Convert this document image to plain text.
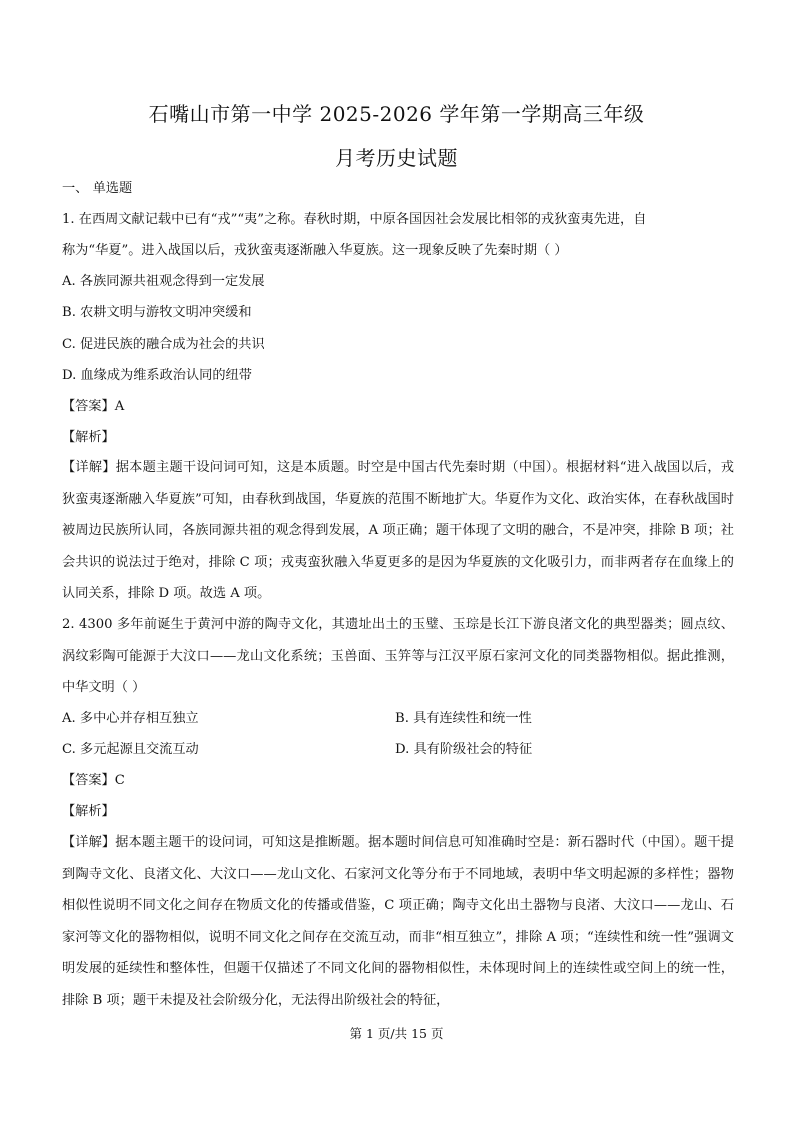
石嘴山市第一中学 2025-2026 学年第一学期高三年级
月考历史试题
一、 单选题
1. 在西周文献记载中已有“戎”“夷”之称。春秋时期，中原各国因社会发展比相邻的戎狄蛮夷先进，自
称为“华夏”。进入战国以后，戎狄蛮夷逐渐融入华夏族。这一现象反映了先秦时期（ ）
A. 各族同源共祖观念得到一定发展
B. 农耕文明与游牧文明冲突缓和
C. 促进民族的融合成为社会的共识
D. 血缘成为维系政治认同的纽带
【答案】A
【解析】
【详解】据本题主题干设问词可知，这是本质题。时空是中国古代先秦时期（中国）。根据材料“进入战国以后，戎狄蛮夷逐渐融入华夏族”可知，由春秋到战国，华夏族的范围不断地扩大。华夏作为文化、政治实体，在春秋战国时被周边民族所认同，各族同源共祖的观念得到发展，A 项正确；题干体现了文明的融合，不是冲突，排除 B 项；社会共识的说法过于绝对，排除 C 项；戎夷蛮狄融入华夏更多的是因为华夏族的文化吸引力，而非两者存在血缘上的认同关系，排除 D 项。故选 A 项。
2. 4300 多年前诞生于黄河中游的陶寺文化，其遗址出土的玉璧、玉琮是长江下游良渚文化的典型器类；圆点纹、涡纹彩陶可能源于大汶口——龙山文化系统；玉兽面、玉笄等与江汉平原石家河文化的同类器物相似。据此推测，中华文明（ ）
A. 多中心并存相互独立	B. 具有连续性和统一性
C. 多元起源且交流互动	D. 具有阶级社会的特征
【答案】C
【解析】
【详解】据本题主题干的设问词，可知这是推断题。据本题时间信息可知准确时空是：新石器时代（中国）。题干提到陶寺文化、良渚文化、大汶口——龙山文化、石家河文化等分布于不同地域，表明中华文明起源的多样性；器物相似性说明不同文化之间存在物质文化的传播或借鉴，C 项正确；陶寺文化出土器物与良渚、大汶口——龙山、石家河等文化的器物相似，说明不同文化之间存在交流互动，而非“相互独立”，排除 A 项；“连续性和统一性”强调文明发展的延续性和整体性，但题干仅描述了不同文化间的器物相似性，未体现时间上的连续性或空间上的统一性，排除 B 项；题干未提及社会阶级分化，无法得出阶级社会的特征，
第 1 页/共 15 页
